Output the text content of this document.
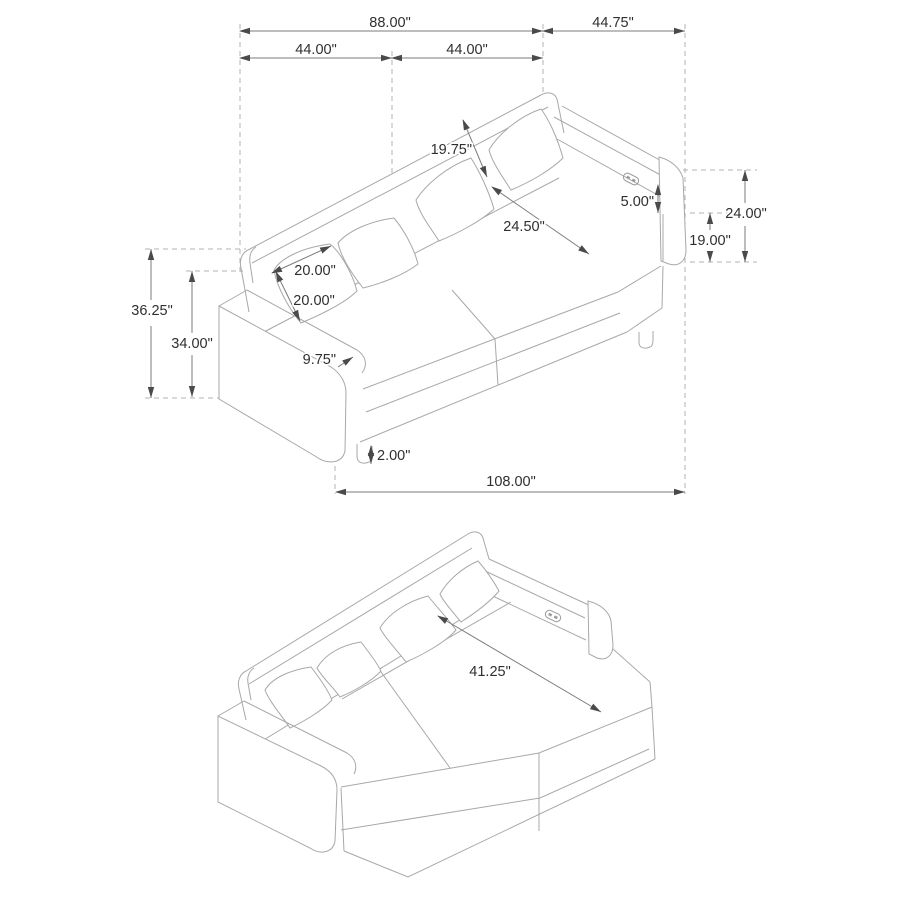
88.00"	44.75"
44.00"	44.00"
19.75"
5.00"
24.00"
19.00"
24.50"
20.00"
20.00"
36.25"
34.00"
9.75"
2.00"
108.00"
41.25"
